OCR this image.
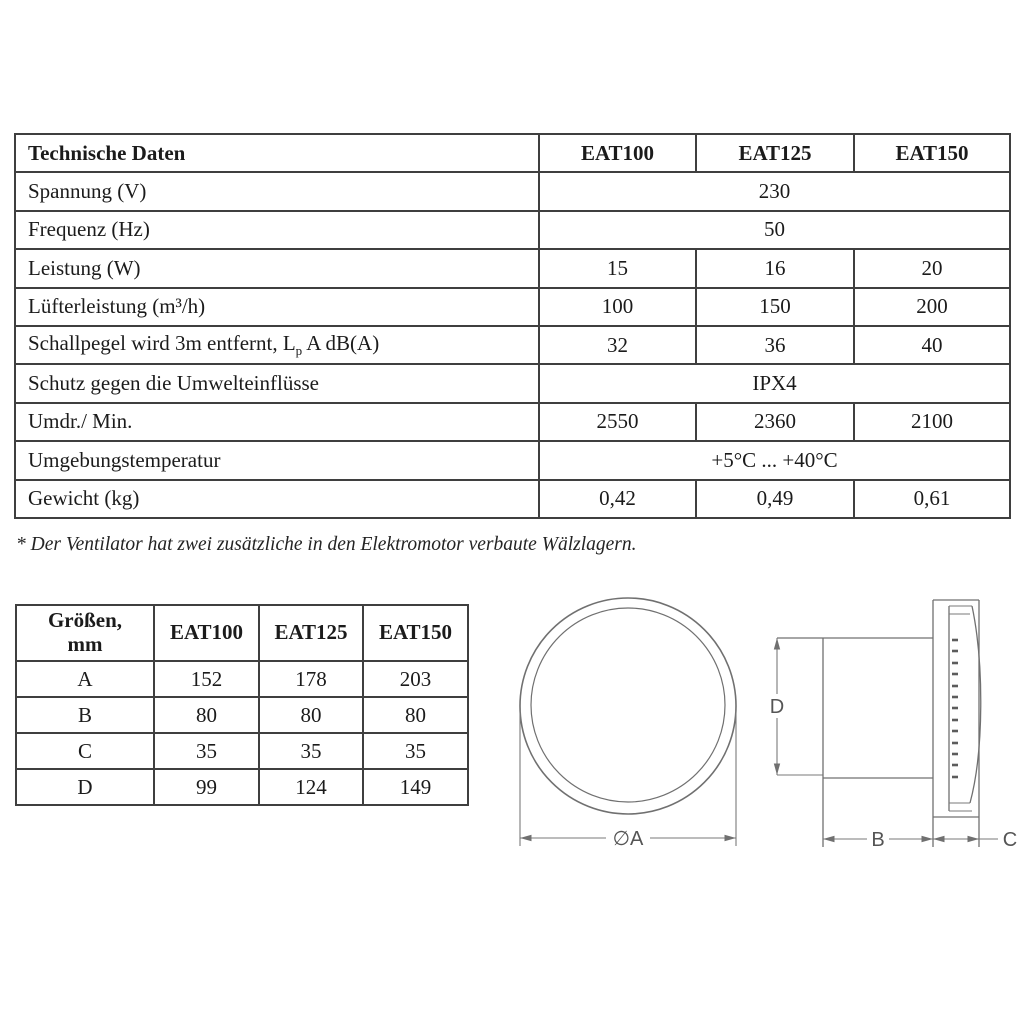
Technische Daten	EAT100	EAT125	EAT150
Spannung (V)	230		
Frequenz (Hz)	50		
Leistung (W)	15	16	20
Lüfterleistung (m³/h)	100	150	200
Schallpegel wird 3m entfernt, $L_p$ A dB(A)	32	36	40
Schutz gegen die Umwelteinflüsse	IPX4		
Umdr./ Min.	2550	2360	2100
Umgebungstemperatur	+5°C ... +40°C		
Gewicht (kg)	0,42	0,49	0,61
* Der Ventilator hat zwei zusätzliche in den Elektromotor verbaute Wälzlagern.
Größen,
mm	EAT100	EAT125	EAT150
A	152	178	203
B	80	80	80
C	35	35	35
D	99	124	149
∅A
D
B	C
